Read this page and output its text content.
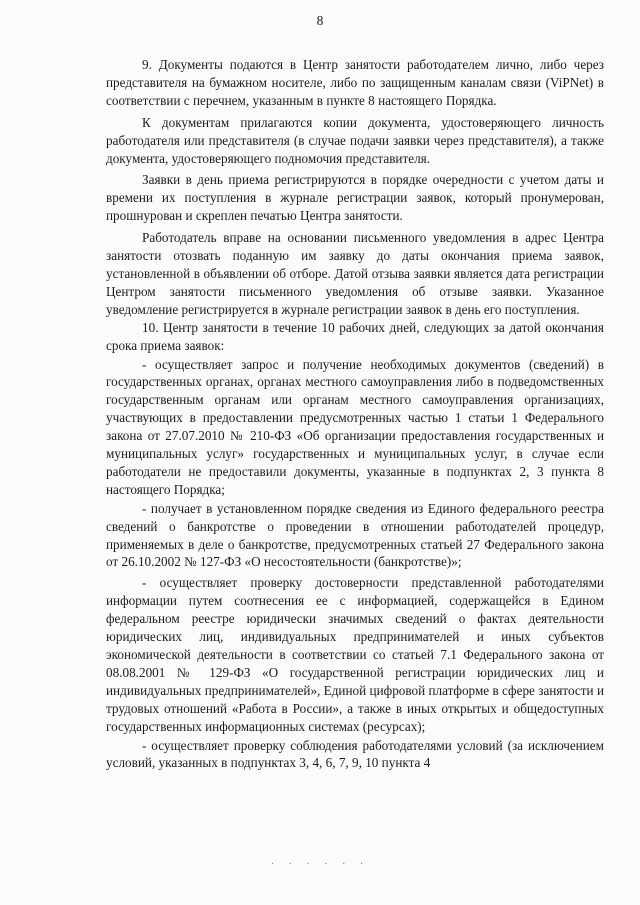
8

9. Документы подаются в Центр занятости работодателем лично, либо через представителя на бумажном носителе, либо по защищенным каналам связи (ViPNet) в соответствии с перечнем, указанным в пункте 8 настоящего Порядка.

К документам прилагаются копии документа, удостоверяющего личность работодателя или представителя (в случае подачи заявки через представителя), а также документа, удостоверяющего подномочия представителя.

Заявки в день приема регистрируются в порядке очередности с учетом даты и времени их поступления в журнале регистрации заявок, который пронумерован, прошнурован и скреплен печатью Центра занятости.

Работодатель вправе на основании письменного уведомления в адрес Центра занятости отозвать поданную им заявку до даты окончания приема заявок, установленной в объявлении об отборе. Датой отзыва заявки является дата регистрации Центром занятости письменного уведомления об отзыве заявки. Указанное уведомление регистрируется в журнале регистрации заявок в день его поступления.

10. Центр занятости в течение 10 рабочих дней, следующих за датой окончания срока приема заявок:

- осуществляет запрос и получение необходимых документов (сведений) в государственных органах, органах местного самоуправления либо в подведомственных государственным органам или органам местного самоуправления организациях, участвующих в предоставлении предусмотренных частью 1 статьи 1 Федерального закона от 27.07.2010 № 210-ФЗ «Об организации предоставления государственных и муниципальных услуг» государственных и муниципальных услуг, в случае если работодатели не предоставили документы, указанные в подпунктах 2, 3 пункта 8 настоящего Порядка;

- получает в установленном порядке сведения из Единого федерального реестра сведений о банкротстве о проведении в отношении работодателей процедур, применяемых в деле о банкротстве, предусмотренных статьей 27 Федерального закона от 26.10.2002 № 127-ФЗ «О несостоятельности (банкротстве)»;

- осуществляет проверку достоверности представленной работодателями информации путем соотнесения ее с информацией, содержащейся в Едином федеральном реестре юридически значимых сведений о фактах деятельности юридических лиц, индивидуальных предпринимателей и иных субъектов экономической деятельности в соответствии со статьей 7.1 Федерального закона от 08.08.2001 № 129-ФЗ «О государственной регистрации юридических лиц и индивидуальных предпринимателей», Единой цифровой платформе в сфере занятости и трудовых отношений «Работа в России», а также в иных открытых и общедоступных государственных информационных системах (ресурсах);

- осуществляет проверку соблюдения работодателями условий (за исключением условий, указанных в подпунктах 3, 4, 6, 7, 9, 10 пункта 4

· · · · · ·
